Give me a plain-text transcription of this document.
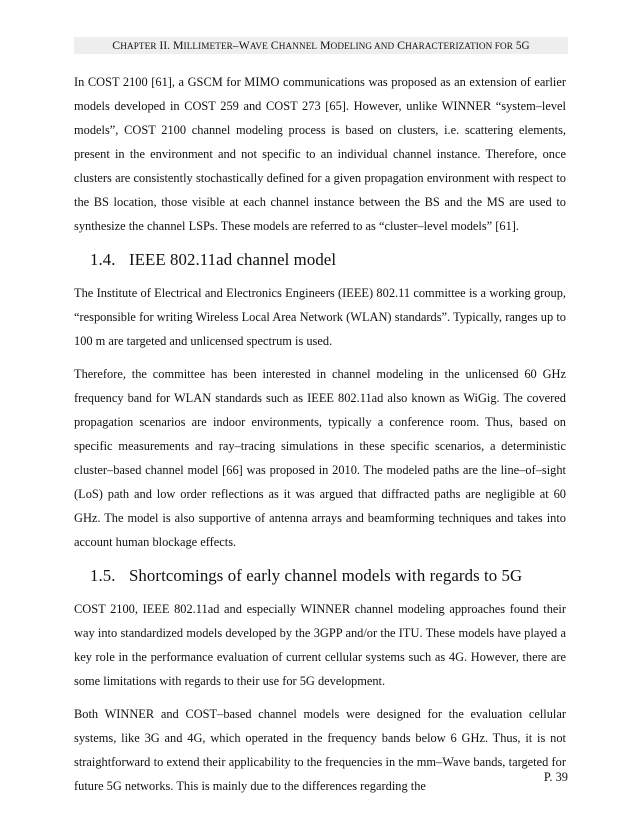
CHAPTER II. MILLIMETER–WAVE CHANNEL MODELING AND CHARACTERIZATION FOR 5G

In COST 2100 [61], a GSCM for MIMO communications was proposed as an extension of earlier models developed in COST 259 and COST 273 [65]. However, unlike WINNER “system–level models”, COST 2100 channel modeling process is based on clusters, i.e. scattering elements, present in the environment and not specific to an individual channel instance. Therefore, once clusters are consistently stochastically defined for a given propagation environment with respect to the BS location, those visible at each channel instance between the BS and the MS are used to synthesize the channel LSPs. These models are referred to as “cluster–level models” [61].

1.4. IEEE 802.11ad channel model

The Institute of Electrical and Electronics Engineers (IEEE) 802.11 committee is a working group, “responsible for writing Wireless Local Area Network (WLAN) standards”. Typically, ranges up to 100 m are targeted and unlicensed spectrum is used.

Therefore, the committee has been interested in channel modeling in the unlicensed 60 GHz frequency band for WLAN standards such as IEEE 802.11ad also known as WiGig. The covered propagation scenarios are indoor environments, typically a conference room. Thus, based on specific measurements and ray–tracing simulations in these specific scenarios, a deterministic cluster–based channel model [66] was proposed in 2010. The modeled paths are the line–of–sight (LoS) path and low order reflections as it was argued that diffracted paths are negligible at 60 GHz. The model is also supportive of antenna arrays and beamforming techniques and takes into account human blockage effects.

1.5. Shortcomings of early channel models with regards to 5G

COST 2100, IEEE 802.11ad and especially WINNER channel modeling approaches found their way into standardized models developed by the 3GPP and/or the ITU. These models have played a key role in the performance evaluation of current cellular systems such as 4G. However, there are some limitations with regards to their use for 5G development.

Both WINNER and COST–based channel models were designed for the evaluation cellular systems, like 3G and 4G, which operated in the frequency bands below 6 GHz. Thus, it is not straightforward to extend their applicability to the frequencies in the mm–Wave bands, targeted for future 5G networks. This is mainly due to the differences regarding the

P. 39
